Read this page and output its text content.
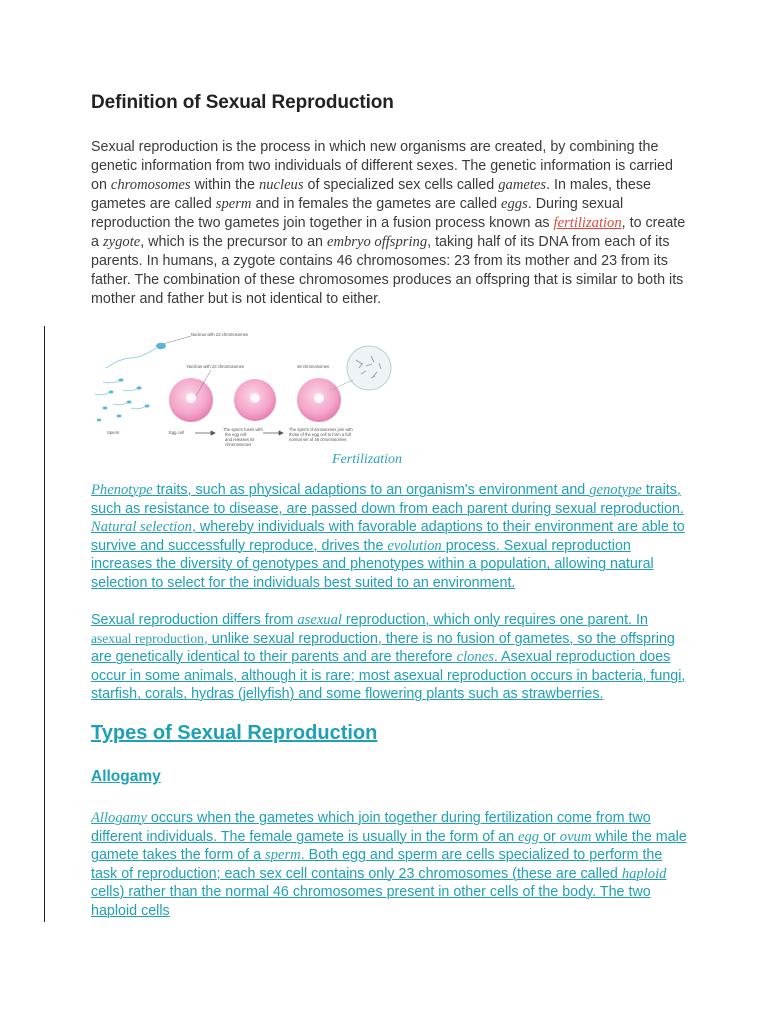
Definition of Sexual Reproduction

Sexual reproduction is the process in which new organisms are created, by combining the genetic information from two individuals of different sexes. The genetic information is carried on chromosomes within the nucleus of specialized sex cells called gametes. In males, these gametes are called sperm and in females the gametes are called eggs. During sexual reproduction the two gametes join together in a fusion process known as fertilization, to create a zygote, which is the precursor to an embryo offspring, taking half of its DNA from each of its parents. In humans, a zygote contains 46 chromosomes: 23 from its mother and 23 from its father. The combination of these chromosomes produces an offspring that is similar to both its mother and father but is not identical to either.

Nucleus with 23 chromosomes
Nucleus with 23 chromosomes	46 chromosomes
Sperm	Egg cell
The sperm fuses with
the egg cell
and releases its
chromosomes
The sperm chromosomes join with
those of the egg cell to form a full
normal set of 46 chromosomes
Fertilization

Phenotype traits, such as physical adaptions to an organism's environment and genotype traits, such as resistance to disease, are passed down from each parent during sexual reproduction. Natural selection, whereby individuals with favorable adaptions to their environment are able to survive and successfully reproduce, drives the evolution process. Sexual reproduction increases the diversity of genotypes and phenotypes within a population, allowing natural selection to select for the individuals best suited to an environment.

Sexual reproduction differs from asexual reproduction, which only requires one parent. In asexual reproduction, unlike sexual reproduction, there is no fusion of gametes, so the offspring are genetically identical to their parents and are therefore clones. Asexual reproduction does occur in some animals, although it is rare; most asexual reproduction occurs in bacteria, fungi, starfish, corals, hydras (jellyfish) and some flowering plants such as strawberries.

Types of Sexual Reproduction
Allogamy

Allogamy occurs when the gametes which join together during fertilization come from two different individuals. The female gamete is usually in the form of an egg or ovum while the male gamete takes the form of a sperm. Both egg and sperm are cells specialized to perform the task of reproduction; each sex cell contains only 23 chromosomes (these are called haploid cells) rather than the normal 46 chromosomes present in other cells of the body. The two haploid cells
